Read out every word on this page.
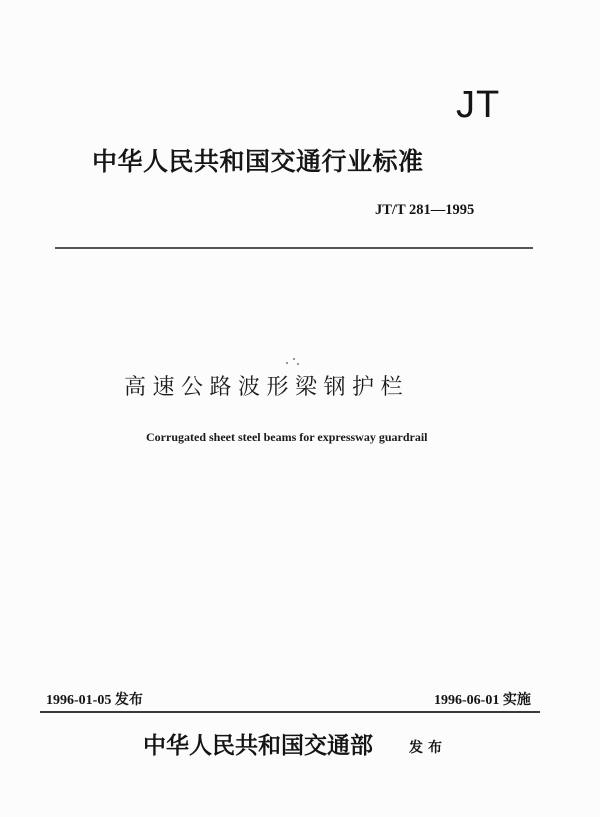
JT
中华人民共和国交通行业标准
JT/T 281—1995
高速公路波形梁钢护栏
Corrugated sheet steel beams for expressway guardrail
1996-01-05 发布	1996-06-01 实施
中华人民共和国交通部	发布
